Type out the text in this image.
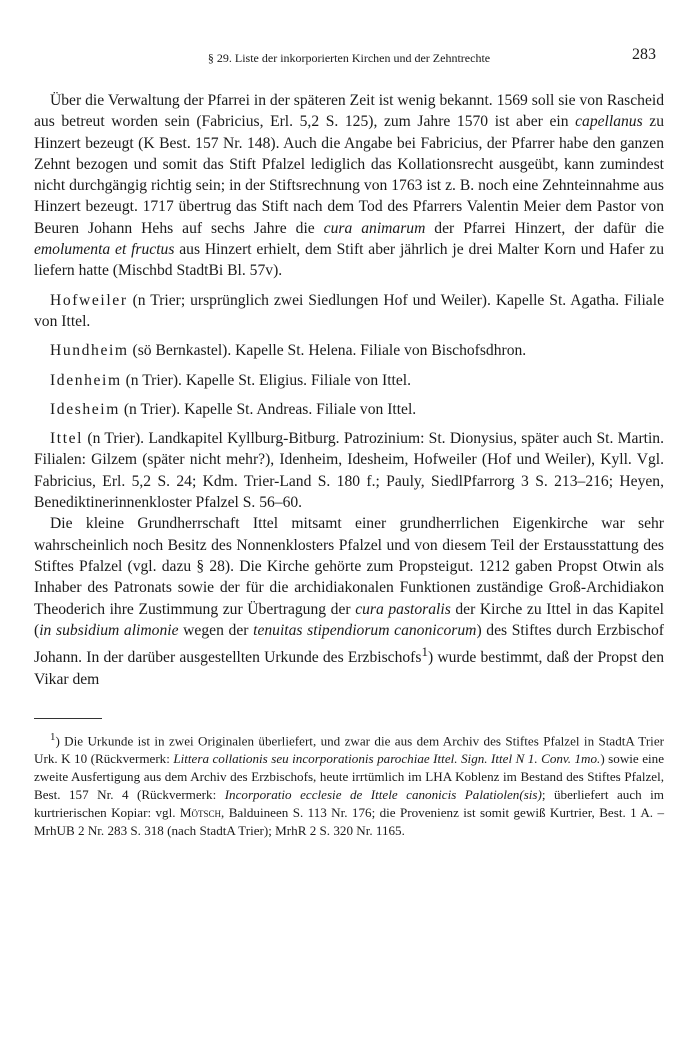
§ 29. Liste der inkorporierten Kirchen und der Zehntrechte	283

Über die Verwaltung der Pfarrei in der späteren Zeit ist wenig bekannt. 1569 soll sie von Rascheid aus betreut worden sein (Fabricius, Erl. 5,2 S. 125), zum Jahre 1570 ist aber ein capellanus zu Hinzert bezeugt (K Best. 157 Nr. 148). Auch die Angabe bei Fabricius, der Pfarrer habe den ganzen Zehnt bezogen und somit das Stift Pfalzel lediglich das Kollationsrecht ausgeübt, kann zumindest nicht durchgängig richtig sein; in der Stiftsrechnung von 1763 ist z. B. noch eine Zehnteinnahme aus Hinzert bezeugt. 1717 übertrug das Stift nach dem Tod des Pfarrers Valentin Meier dem Pastor von Beuren Johann Hehs auf sechs Jahre die cura animarum der Pfarrei Hinzert, der dafür die emolumenta et fructus aus Hinzert erhielt, dem Stift aber jährlich je drei Malter Korn und Hafer zu liefern hatte (Mischbd StadtBi Bl. 57v).

Hofweiler (n Trier; ursprünglich zwei Siedlungen Hof und Weiler). Kapelle St. Agatha. Filiale von Ittel.

Hundheim (sö Bernkastel). Kapelle St. Helena. Filiale von Bischofsdhron.

Idenheim (n Trier). Kapelle St. Eligius. Filiale von Ittel.

Idesheim (n Trier). Kapelle St. Andreas. Filiale von Ittel.

Ittel (n Trier). Landkapitel Kyllburg-Bitburg. Patrozinium: St. Dionysius, später auch St. Martin. Filialen: Gilzem (später nicht mehr?), Idenheim, Idesheim, Hofweiler (Hof und Weiler), Kyll. Vgl. Fabricius, Erl. 5,2 S. 24; Kdm. Trier-Land S. 180 f.; Pauly, SiedlPfarrorg 3 S. 213–216; Heyen, Benediktinerinnenkloster Pfalzel S. 56–60.

Die kleine Grundherrschaft Ittel mitsamt einer grundherrlichen Eigenkirche war sehr wahrscheinlich noch Besitz des Nonnenklosters Pfalzel und von diesem Teil der Erstausstattung des Stiftes Pfalzel (vgl. dazu § 28). Die Kirche gehörte zum Propsteigut. 1212 gaben Propst Otwin als Inhaber des Patronats sowie der für die archidiakonalen Funktionen zuständige Groß-Archidiakon Theoderich ihre Zustimmung zur Übertragung der cura pastoralis der Kirche zu Ittel in das Kapitel (in subsidium alimonie wegen der tenuitas stipendiorum canonicorum) des Stiftes durch Erzbischof Johann. In der darüber ausgestellten Urkunde des Erzbischofs$^1$) wurde bestimmt, daß der Propst den Vikar dem

$^1$) Die Urkunde ist in zwei Originalen überliefert, und zwar die aus dem Archiv des Stiftes Pfalzel in StadtA Trier Urk. K 10 (Rückvermerk: Littera collationis seu incorporationis parochiae Ittel. Sign. Ittel N 1. Conv. 1mo.) sowie eine zweite Ausfertigung aus dem Archiv des Erzbischofs, heute irrtümlich im LHA Koblenz im Bestand des Stiftes Pfalzel, Best. 157 Nr. 4 (Rückvermerk: Incorporatio ecclesie de Ittele canonicis Palatiolen(sis); überliefert auch im kurtrierischen Kopiar: vgl. Mötsch, Balduineen S. 113 Nr. 176; die Provenienz ist somit gewiß Kurtrier, Best. 1 A. – MrhUB 2 Nr. 283 S. 318 (nach StadtA Trier); MrhR 2 S. 320 Nr. 1165.
